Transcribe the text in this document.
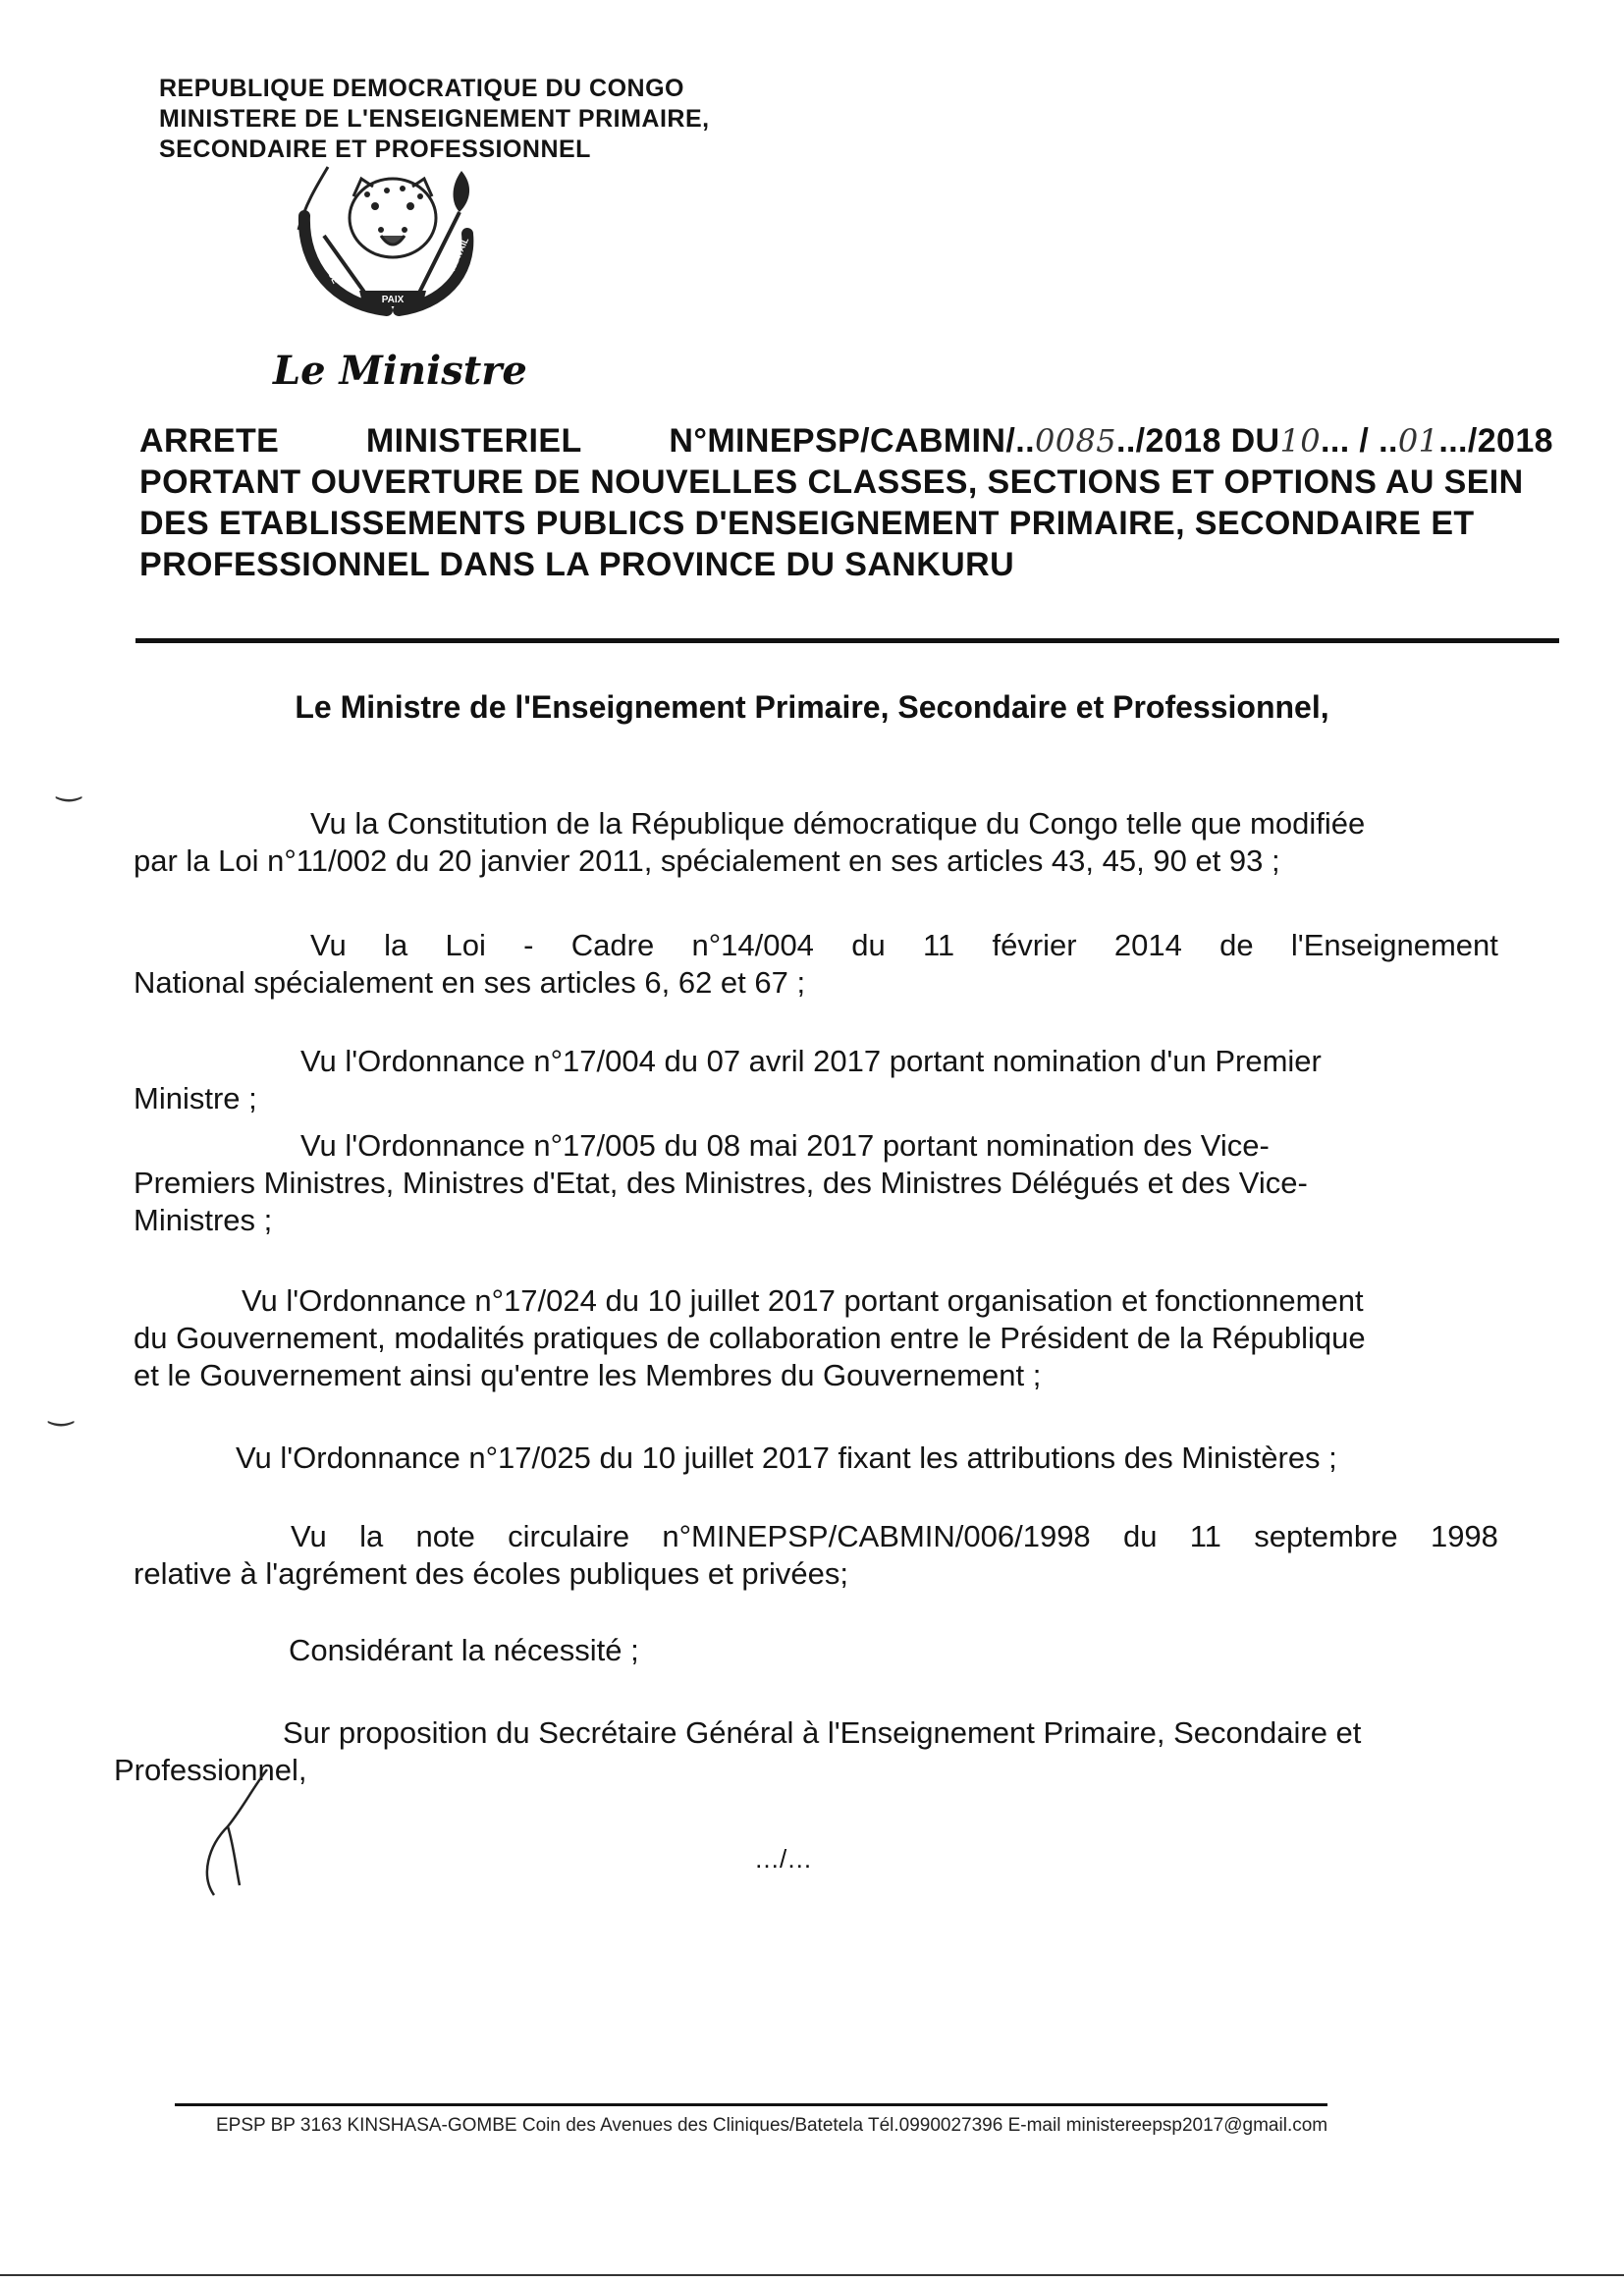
REPUBLIQUE DEMOCRATIQUE DU CONGO
MINISTERE DE L'ENSEIGNEMENT PRIMAIRE,
SECONDAIRE ET PROFESSIONNEL
PAIX
JUSTICE	TRAVAIL
Le Ministre
ARRETE	MINISTERIEL	N°MINEPSP/CABMIN/..0085../2018 DU10... / ..01.../2018
PORTANT OUVERTURE DE NOUVELLES CLASSES, SECTIONS ET OPTIONS AU SEIN
DES ETABLISSEMENTS PUBLICS D'ENSEIGNEMENT PRIMAIRE, SECONDAIRE ET
PROFESSIONNEL DANS LA PROVINCE DU SANKURU
Le Ministre de l'Enseignement Primaire, Secondaire et Professionnel,
Vu la Constitution de la République démocratique du Congo telle que modifiée
par la Loi n°11/002 du 20 janvier 2011, spécialement en ses articles 43, 45, 90 et 93 ;
Vu la Loi - Cadre n°14/004 du 11 février 2014 de l'Enseignement
National spécialement en ses articles 6, 62 et 67 ;
Vu l'Ordonnance n°17/004 du 07 avril 2017 portant nomination d'un Premier
Ministre ;
Vu l'Ordonnance n°17/005 du 08 mai 2017 portant nomination des Vice-
Premiers Ministres, Ministres d'Etat, des Ministres, des Ministres Délégués et des Vice-
Ministres ;
Vu l'Ordonnance n°17/024 du 10 juillet 2017 portant organisation et fonctionnement
du Gouvernement, modalités pratiques de collaboration entre le Président de la République
et le Gouvernement ainsi qu'entre les Membres du Gouvernement ;
Vu l'Ordonnance n°17/025 du 10 juillet 2017 fixant les attributions des Ministères ;
Vu la note circulaire n°MINEPSP/CABMIN/006/1998 du 11 septembre 1998
relative à l'agrément des écoles publiques et privées;
Considérant la nécessité ;
Sur proposition du Secrétaire Général à l'Enseignement Primaire, Secondaire et
Professionnel,
‿
‿
…/…
EPSP BP 3163 KINSHASA-GOMBE Coin des Avenues des Cliniques/Batetela Tél.0990027396 E-mail ministereepsp2017@gmail.com
